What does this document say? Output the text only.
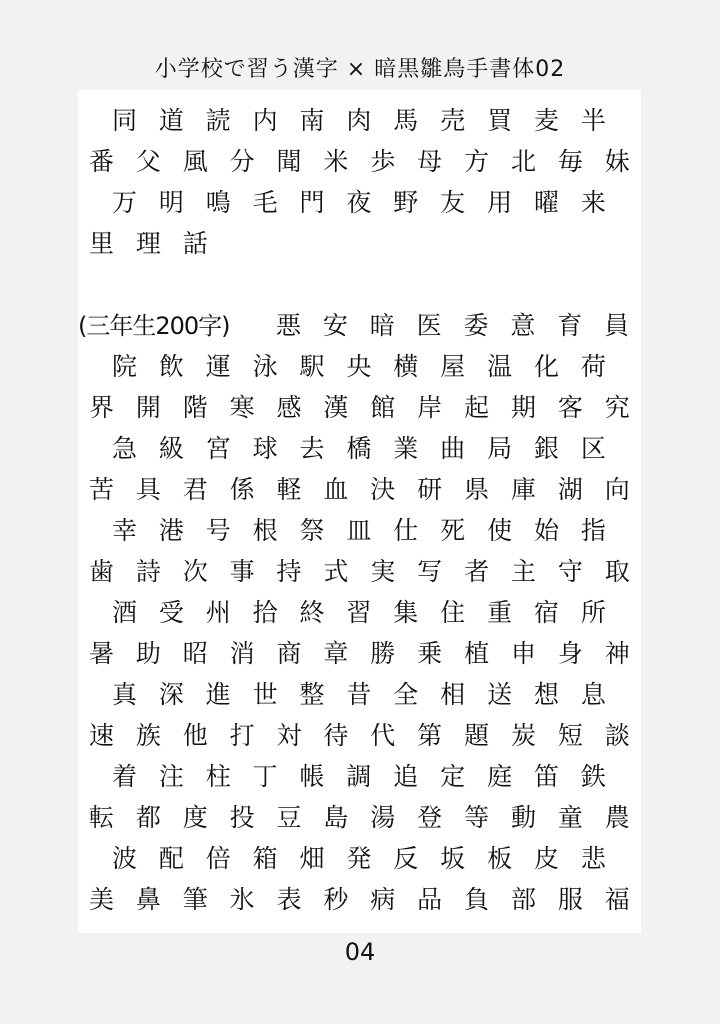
小学校で習う漢字 × 暗黒雛鳥手書体02
同 道 読 内 南 肉 馬 売 買 麦 半
番 父 風 分 聞 米 歩 母 方 北 毎 妹
万 明 鳴 毛 門 夜 野 友 用 曜 来
里 理 話
(三年生200字) 悪 安 暗 医 委 意 育 員
院 飲 運 泳 駅 央 横 屋 温 化 荷
界 開 階 寒 感 漢 館 岸 起 期 客 究
急 級 宮 球 去 橋 業 曲 局 銀 区
苦 具 君 係 軽 血 決 研 県 庫 湖 向
幸 港 号 根 祭 皿 仕 死 使 始 指
歯 詩 次 事 持 式 実 写 者 主 守 取
酒 受 州 拾 終 習 集 住 重 宿 所
暑 助 昭 消 商 章 勝 乗 植 申 身 神
真 深 進 世 整 昔 全 相 送 想 息
速 族 他 打 対 待 代 第 題 炭 短 談
着 注 柱 丁 帳 調 追 定 庭 笛 鉄
転 都 度 投 豆 島 湯 登 等 動 童 農
波 配 倍 箱 畑 発 反 坂 板 皮 悲
美 鼻 筆 氷 表 秒 病 品 負 部 服 福
04
